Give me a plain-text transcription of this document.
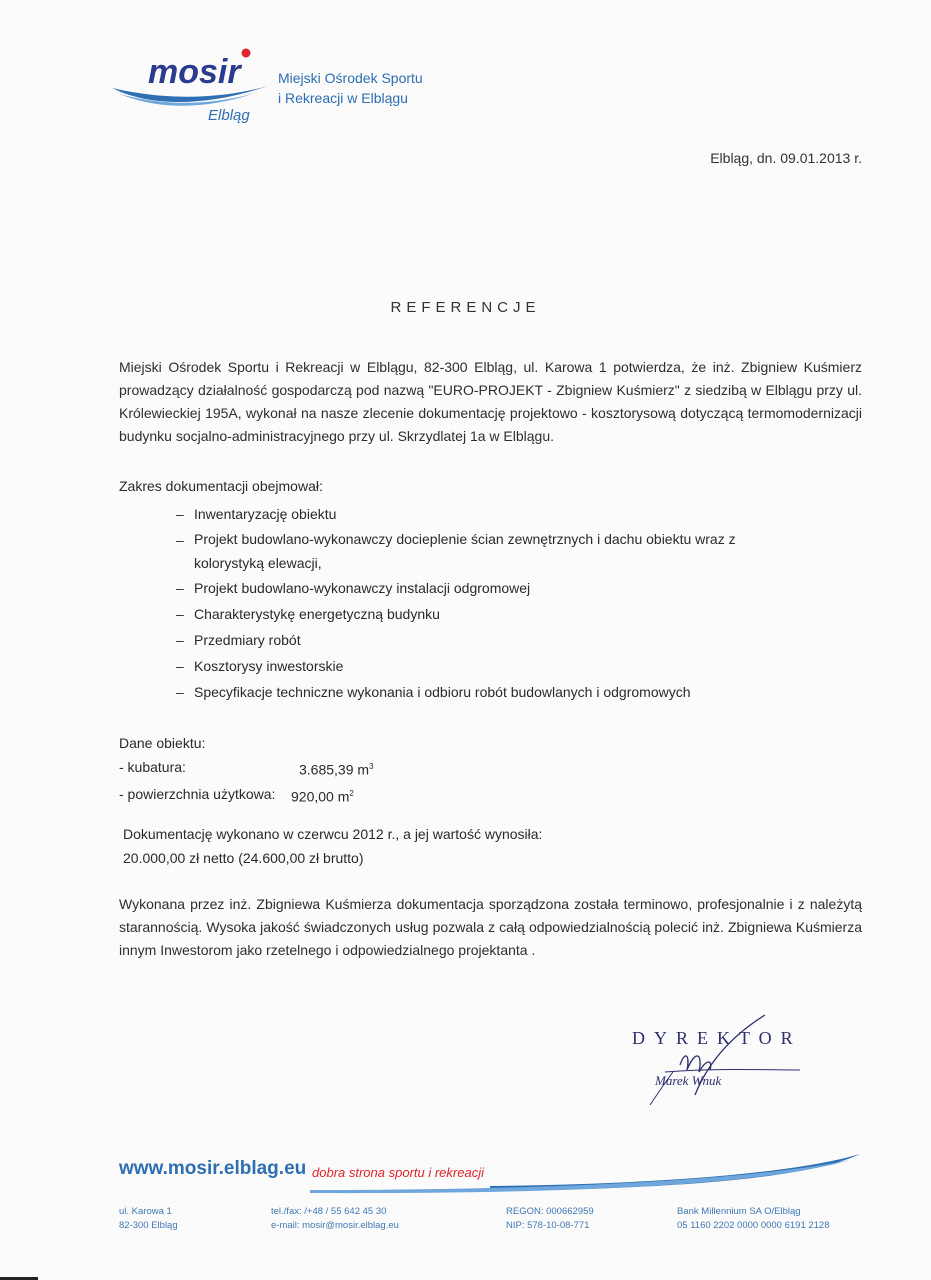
mosir
Elbląg
Miejski Ośrodek Sportu
i Rekreacji w Elblągu
Elbląg, dn. 09.01.2013 r.
REFERENCJE
Miejski Ośrodek Sportu i Rekreacji w Elblągu, 82-300 Elbląg, ul. Karowa 1 potwierdza, że inż. Zbigniew Kuśmierz prowadzący działalność gospodarczą pod nazwą "EURO-PROJEKT - Zbigniew Kuśmierz" z siedzibą w Elblągu przy ul. Królewieckiej 195A, wykonał na nasze zlecenie dokumentację projektowo - kosztorysową dotyczącą termomodernizacji budynku socjalno-administracyjnego przy ul. Skrzydlatej 1a w Elblągu.
Zakres dokumentacji obejmował:
– Inwentaryzację obiektu
– Projekt budowlano-wykonawczy docieplenie ścian zewnętrznych i dachu obiektu wraz z kolorystyką elewacji,
– Projekt budowlano-wykonawczy instalacji odgromowej
– Charakterystykę energetyczną budynku
– Przedmiary robót
– Kosztorysy inwestorskie
– Specyfikacje techniczne wykonania i odbioru robót budowlanych i odgromowych
Dane obiektu:
- kubatura:	3.685,39 $m^3$
- powierzchnia użytkowa:	920,00 $m^2$
Dokumentację wykonano w czerwcu 2012 r., a jej wartość wynosiła:
20.000,00 zł netto (24.600,00 zł brutto)
Wykonana przez inż. Zbigniewa Kuśmierza dokumentacja sporządzona została terminowo, profesjonalnie i z należytą starannością. Wysoka jakość świadczonych usług pozwala z całą odpowiedzialnością polecić inż. Zbigniewa Kuśmierza innym Inwestorom jako rzetelnego i odpowiedzialnego projektanta .
DYREKTOR
Marek Wnuk
www.mosir.elblag.eu dobra strona sportu i rekreacji
ul. Karowa 1
82-300 Elbląg
tel./fax: /+48 / 55 642 45 30
e-mail: mosir@mosir.elblag.eu
REGON: 000662959
NIP: 578-10-08-771
Bank Millennium SA O/Elbląg
05 1160 2202 0000 0000 6191 2128
